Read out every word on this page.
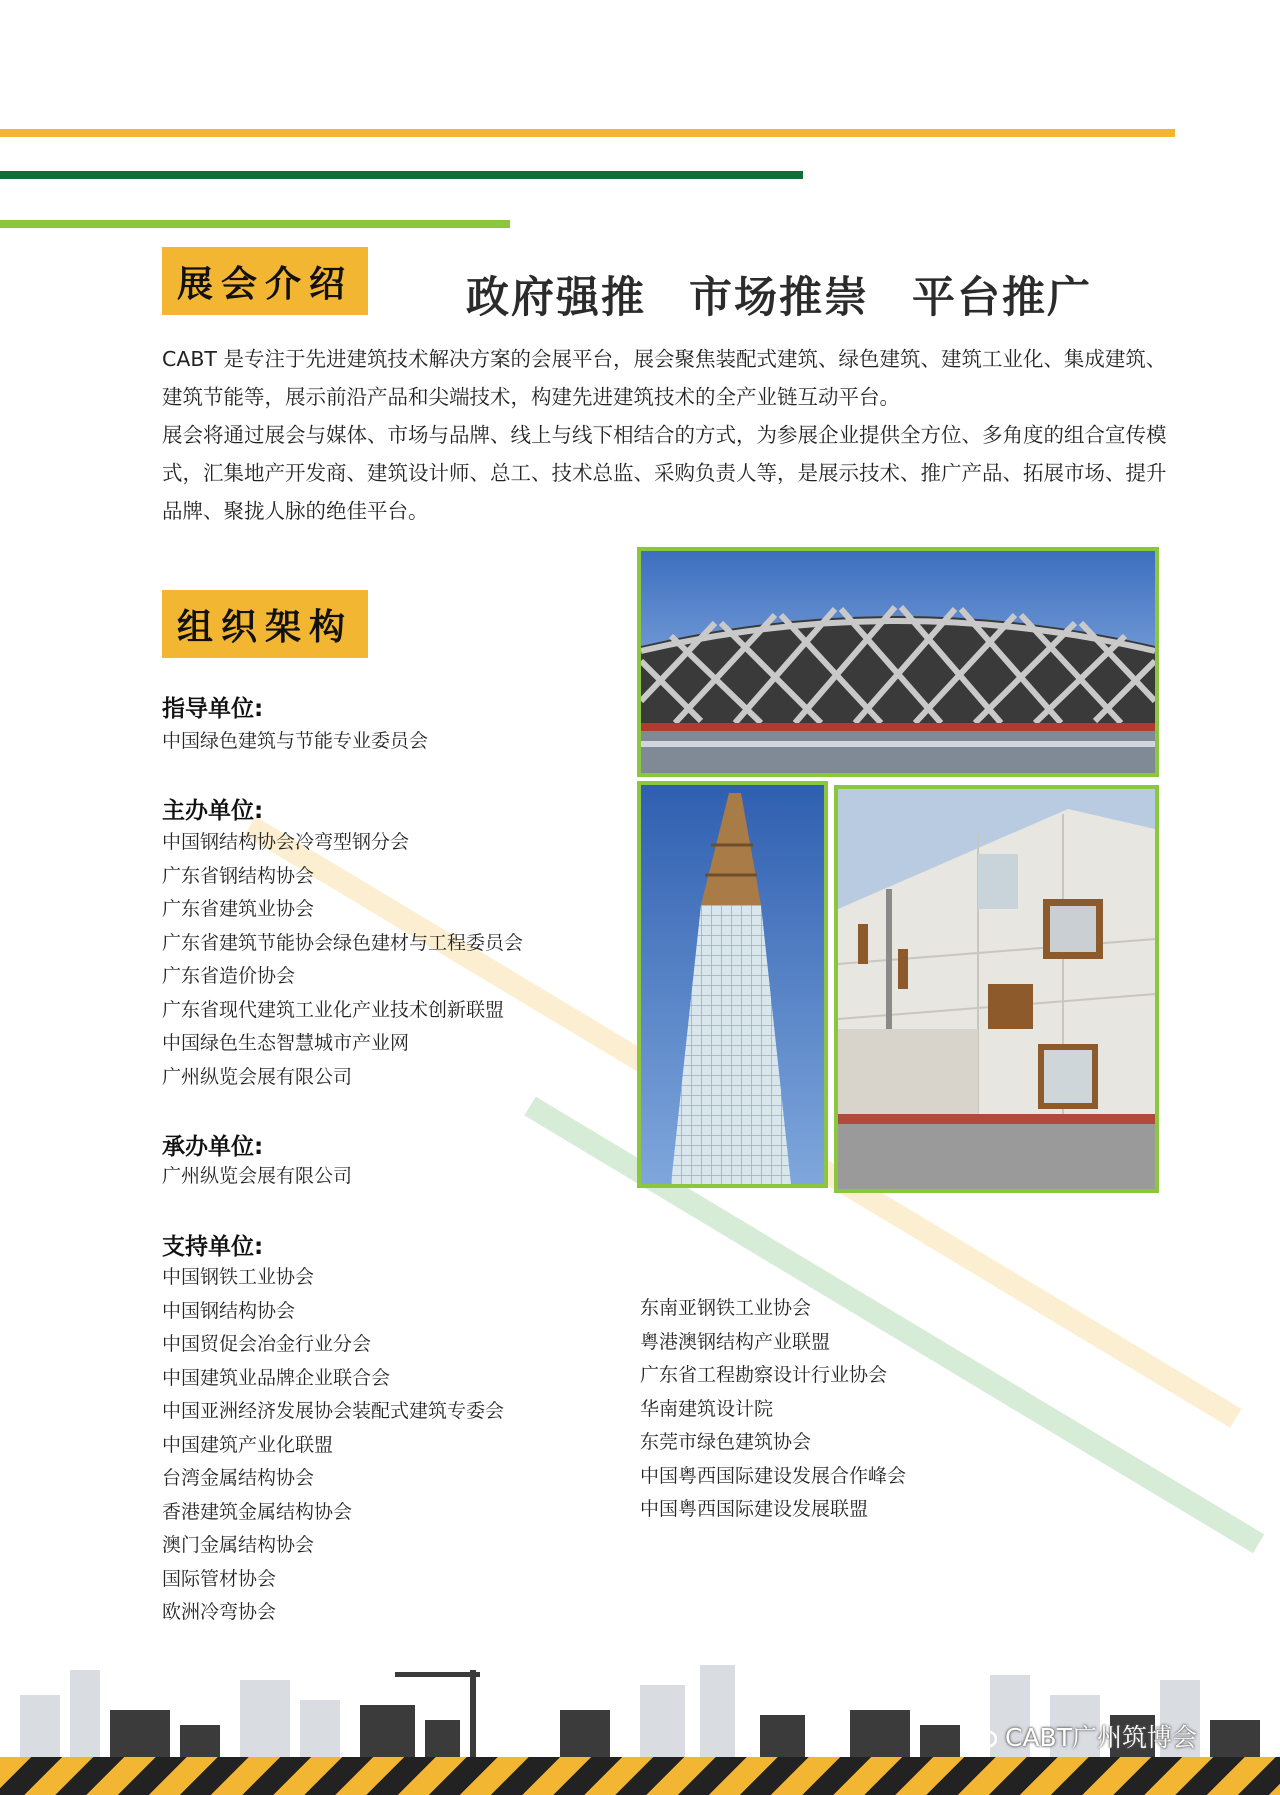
展会介绍	政府强推 市场推崇 平台推广

CABT 是专注于先进建筑技术解决方案的会展平台，展会聚焦装配式建筑、绿色建筑、建筑工业化、集成建筑、建筑节能等，展示前沿产品和尖端技术，构建先进建筑技术的全产业链互动平台。

展会将通过展会与媒体、市场与品牌、线上与线下相结合的方式，为参展企业提供全方位、多角度的组合宣传模式，汇集地产开发商、建筑设计师、总工、技术总监、采购负责人等，是展示技术、推广产品、拓展市场、提升品牌、聚拢人脉的绝佳平台。

组织架构
指导单位:
中国绿色建筑与节能专业委员会
主办单位:
中国钢结构协会冷弯型钢分会
广东省钢结构协会
广东省建筑业协会
广东省建筑节能协会绿色建材与工程委员会
广东省造价协会
广东省现代建筑工业化产业技术创新联盟
中国绿色生态智慧城市产业网
广州纵览会展有限公司
承办单位:
广州纵览会展有限公司
支持单位:
中国钢铁工业协会
中国钢结构协会
中国贸促会冶金行业分会
中国建筑业品牌企业联合会
中国亚洲经济发展协会装配式建筑专委会
中国建筑产业化联盟
台湾金属结构协会
香港建筑金属结构协会
澳门金属结构协会
国际管材协会
欧洲冷弯协会
东南亚钢铁工业协会
粤港澳钢结构产业联盟
广东省工程勘察设计行业协会
华南建筑设计院
东莞市绿色建筑协会
中国粤西国际建设发展合作峰会
中国粤西国际建设发展联盟
CABT广州筑博会
